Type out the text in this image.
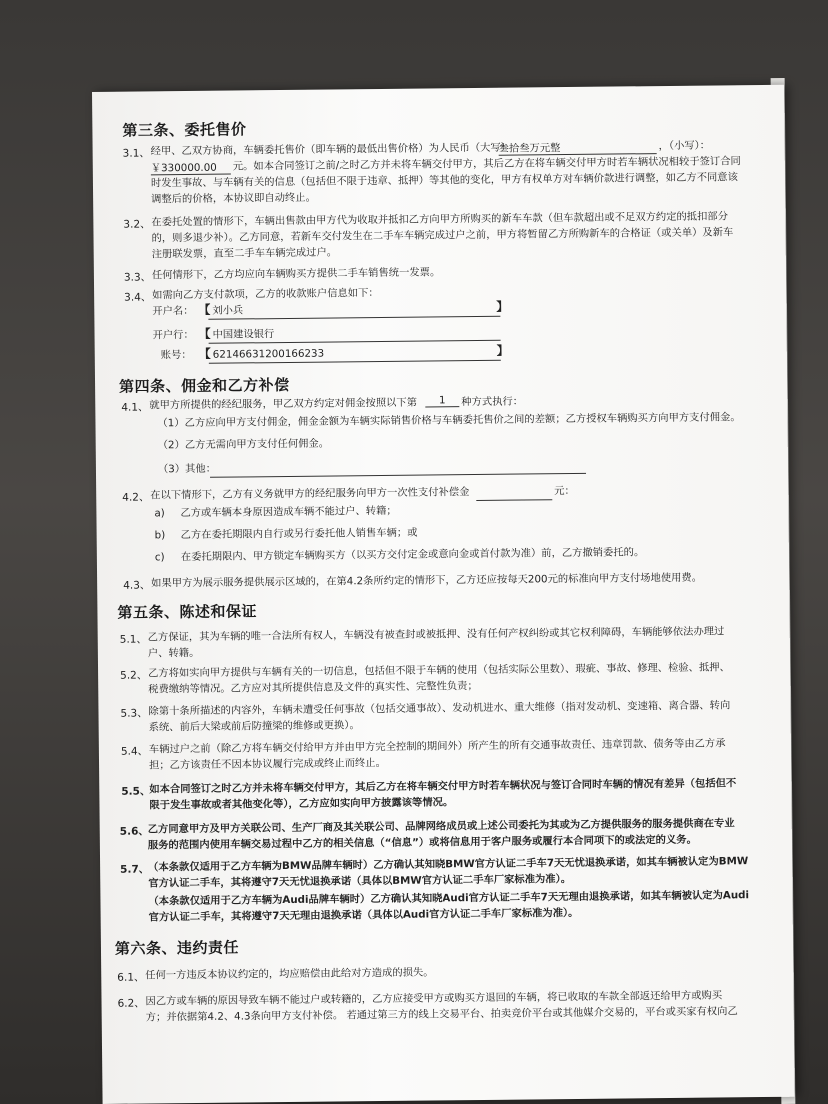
第三条、委托售价
3.1、 经甲、乙双方协商，车辆委托售价（即车辆的最低出售价格）为人民币（大写）
叁拾叁万元整	，（小写）：
￥330000.00	元。如本合同签订之前/之时乙方并未将车辆交付甲方，其后乙方在将车辆交付甲方时若车辆状况相较于签订合同
时发生事故、与车辆有关的信息（包括但不限于违章、抵押）等其他的变化，甲方有权单方对车辆价款进行调整，如乙方不同意该
调整后的价格，本协议即自动终止。
3.2、 在委托处置的情形下，车辆出售款由甲方代为收取并抵扣乙方向甲方所购买的新车车款（但车款超出或不足双方约定的抵扣部分
的，则多退少补）。乙方同意，若新车交付发生在二手车车辆完成过户之前，甲方将暂留乙方所购新车的合格证（或关单）及新车
注册联发票，直至二手车车辆完成过户。
3.3、 任何情形下，乙方均应向车辆购买方提供二手车销售统一发票。
3.4、 如需向乙方支付款项，乙方的收款账户信息如下：
开户名： 【 刘小兵	】
开户行： 【 中国建设银行
账号： 【 62146631200166233	】
第四条、佣金和乙方补偿
4.1、 就甲方所提供的经纪服务，甲乙双方约定对佣金按照以下第	1	种方式执行：
（1）乙方应向甲方支付佣金，佣金金额为车辆实际销售价格与车辆委托售价之间的差额；乙方授权车辆购买方向甲方支付佣金。
（2）乙方无需向甲方支付任何佣金。
（3）其他：
4.2、 在以下情形下，乙方有义务就甲方的经纪服务向甲方一次性支付补偿金	元：
a) 乙方或车辆本身原因造成车辆不能过户、转籍；
b) 乙方在委托期限内自行或另行委托他人销售车辆；或
c) 在委托期限内、甲方锁定车辆购买方（以买方交付定金或意向金或首付款为准）前，乙方撤销委托的。
4.3、 如果甲方为展示服务提供展示区域的，在第4.2条所约定的情形下，乙方还应按每天200元的标准向甲方支付场地使用费。
第五条、陈述和保证
5.1、 乙方保证，其为车辆的唯一合法所有权人，车辆没有被查封或被抵押、没有任何产权纠纷或其它权利障碍，车辆能够依法办理过
户、转籍。
5.2、 乙方将如实向甲方提供与车辆有关的一切信息，包括但不限于车辆的使用（包括实际公里数）、瑕疵、事故、修理、检验、抵押、
税费缴纳等情况。乙方应对其所提供信息及文件的真实性、完整性负责；
5.3、 除第十条所描述的内容外，车辆未遭受任何事故（包括交通事故）、发动机进水、重大维修（指对发动机、变速箱、离合器、转向
系统、前后大梁或前后防撞梁的维修或更换）。
5.4、 车辆过户之前（除乙方将车辆交付给甲方并由甲方完全控制的期间外）所产生的所有交通事故责任、违章罚款、债务等由乙方承
担；乙方该责任不因本协议履行完成或终止而终止。
5.5、
如本合同签订之时乙方并未将车辆交付甲方，其后乙方在将车辆交付甲方时若车辆状况与签订合同时车辆的情况有差异（包括但不
限于发生事故或者其他变化等），乙方应如实向甲方披露该等情况。
5.6、
乙方同意甲方及甲方关联公司、生产厂商及其关联公司、品牌网络成员或上述公司委托为其或为乙方提供服务的服务提供商在专业
服务的范围内使用车辆交易过程中乙方的相关信息（“信息”）或将信息用于客户服务或履行本合同项下的或法定的义务。
5.7、
（本条款仅适用于乙方车辆为BMW品牌车辆时）乙方确认其知晓BMW官方认证二手车7天无忧退换承诺，如其车辆被认定为BMW
官方认证二手车，其将遵守7天无忧退换承诺（具体以BMW官方认证二手车厂家标准为准）。
（本条款仅适用于乙方车辆为Audi品牌车辆时）乙方确认其知晓Audi官方认证二手车7天无理由退换承诺，如其车辆被认定为Audi
官方认证二手车，其将遵守7天无理由退换承诺（具体以Audi官方认证二手车厂家标准为准）。
第六条、违约责任
6.1、 任何一方违反本协议约定的，均应赔偿由此给对方造成的损失。
6.2、 因乙方或车辆的原因导致车辆不能过户或转籍的，乙方应接受甲方或购买方退回的车辆，将已收取的车款全部返还给甲方或购买
方；并依据第4.2、4.3条向甲方支付补偿。 若通过第三方的线上交易平台、拍卖竞价平台或其他媒介交易的，平台或买家有权向乙
